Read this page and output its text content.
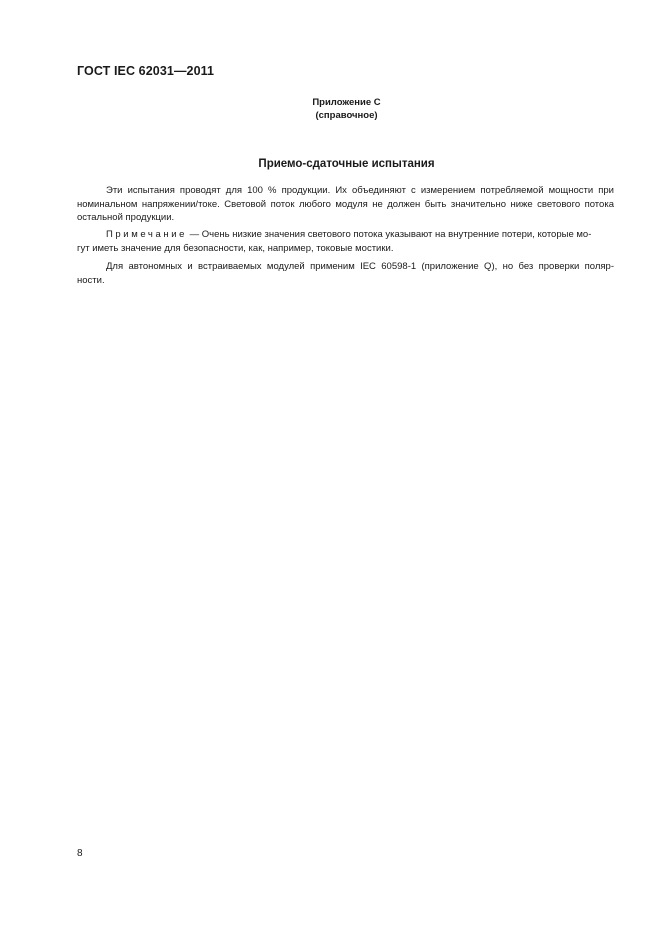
ГОСТ IEC 62031—2011
Приложение С
(справочное)
Приемо-сдаточные испытания
Эти испытания проводят для 100 % продукции. Их объединяют с измерением потребляемой мощности при
номинальном напряжении/токе. Световой поток любого модуля не должен быть значительно ниже светового потока
остальной продукции.
Примечание — Очень низкие значения светового потока указывают на внутренние потери, которые мо-
гут иметь значение для безопасности, как, например, токовые мостики.
Для автономных и встраиваемых модулей применим IEC 60598-1 (приложение Q), но без проверки поляр-
ности.
8
